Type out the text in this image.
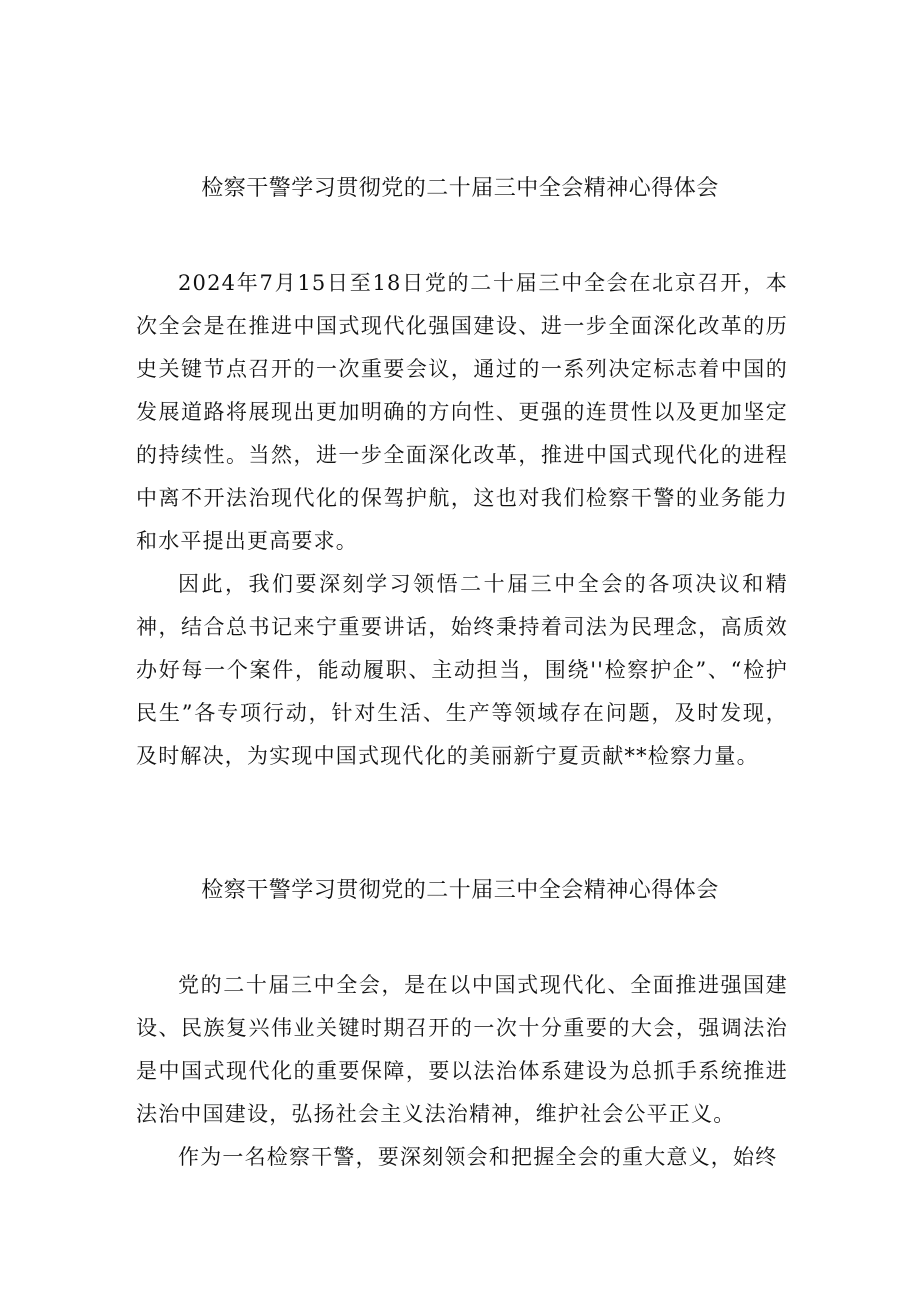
检察干警学习贯彻党的二十届三中全会精神心得体会

2024年7月15日至18日党的二十届三中全会在北京召开，本次全会是在推进中国式现代化强国建设、进一步全面深化改革的历史关键节点召开的一次重要会议，通过的一系列决定标志着中国的发展道路将展现出更加明确的方向性、更强的连贯性以及更加坚定的持续性。当然，进一步全面深化改革，推进中国式现代化的进程中离不开法治现代化的保驾护航，这也对我们检察干警的业务能力和水平提出更高要求。

因此，我们要深刻学习领悟二十届三中全会的各项决议和精神，结合总书记来宁重要讲话，始终秉持着司法为民理念，高质效办好每一个案件，能动履职、主动担当，围绕''检察护企”、“检护民生”各专项行动，针对生活、生产等领域存在问题，及时发现，及时解决，为实现中国式现代化的美丽新宁夏贡献**检察力量。

检察干警学习贯彻党的二十届三中全会精神心得体会

党的二十届三中全会，是在以中国式现代化、全面推进强国建设、民族复兴伟业关键时期召开的一次十分重要的大会，强调法治是中国式现代化的重要保障，要以法治体系建设为总抓手系统推进法治中国建设，弘扬社会主义法治精神，维护社会公平正义。

作为一名检察干警，要深刻领会和把握全会的重大意义，始终
